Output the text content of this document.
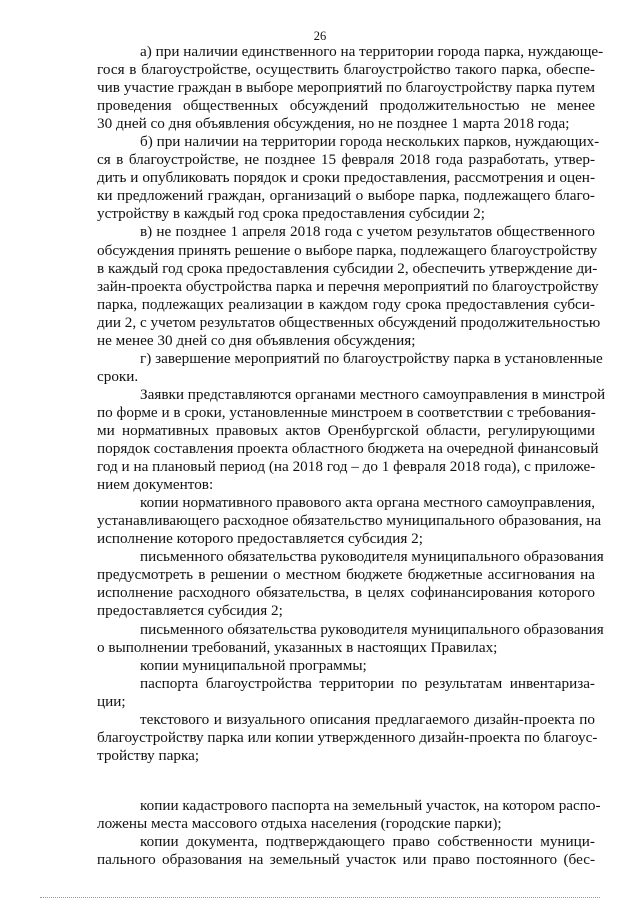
26
а) при наличии единственного на территории города парка, нуждающе-
гося в благоустройстве, осуществить благоустройство такого парка, обеспе-
чив участие граждан в выборе мероприятий по благоустройству парка путем
проведения общественных обсуждений продолжительностью не менее
30 дней со дня объявления обсуждения, но не позднее 1 марта 2018 года;
б) при наличии на территории города нескольких парков, нуждающих-
ся в благоустройстве, не позднее 15 февраля 2018 года разработать, утвер-
дить и опубликовать порядок и сроки предоставления, рассмотрения и оцен-
ки предложений граждан, организаций о выборе парка, подлежащего благо-
устройству в каждый год срока предоставления субсидии 2;
в) не позднее 1 апреля 2018 года с учетом результатов общественного
обсуждения принять решение о выборе парка, подлежащего благоустройству
в каждый год срока предоставления субсидии 2, обеспечить утверждение ди-
зайн-проекта обустройства парка и перечня мероприятий по благоустройству
парка, подлежащих реализации в каждом году срока предоставления субси-
дии 2, с учетом результатов общественных обсуждений продолжительностью
не менее 30 дней со дня объявления обсуждения;
г) завершение мероприятий по благоустройству парка в установленные
сроки.
Заявки представляются органами местного самоуправления в минстрой
по форме и в сроки, установленные минстроем в соответствии с требования-
ми нормативных правовых актов Оренбургской области, регулирующими
порядок составления проекта областного бюджета на очередной финансовый
год и на плановый период (на 2018 год – до 1 февраля 2018 года), с приложе-
нием документов:
копии нормативного правового акта органа местного самоуправления,
устанавливающего расходное обязательство муниципального образования, на
исполнение которого предоставляется субсидия 2;
письменного обязательства руководителя муниципального образования
предусмотреть в решении о местном бюджете бюджетные ассигнования на
исполнение расходного обязательства, в целях софинансирования которого
предоставляется субсидия 2;
письменного обязательства руководителя муниципального образования
о выполнении требований, указанных в настоящих Правилах;
копии муниципальной программы;
паспорта благоустройства территории по результатам инвентаризa-
ции;
текстового и визуального описания предлагаемого дизайн-проекта по
благоустройству парка или копии утвержденного дизайн-проекта по благоус-
тройству парка;
копии кадастрового паспорта на земельный участок, на котором распо-
ложены места массового отдыха населения (городские парки);
копии документа, подтверждающего право собственности муници-
пального образования на земельный участок или право постоянного (бес-
